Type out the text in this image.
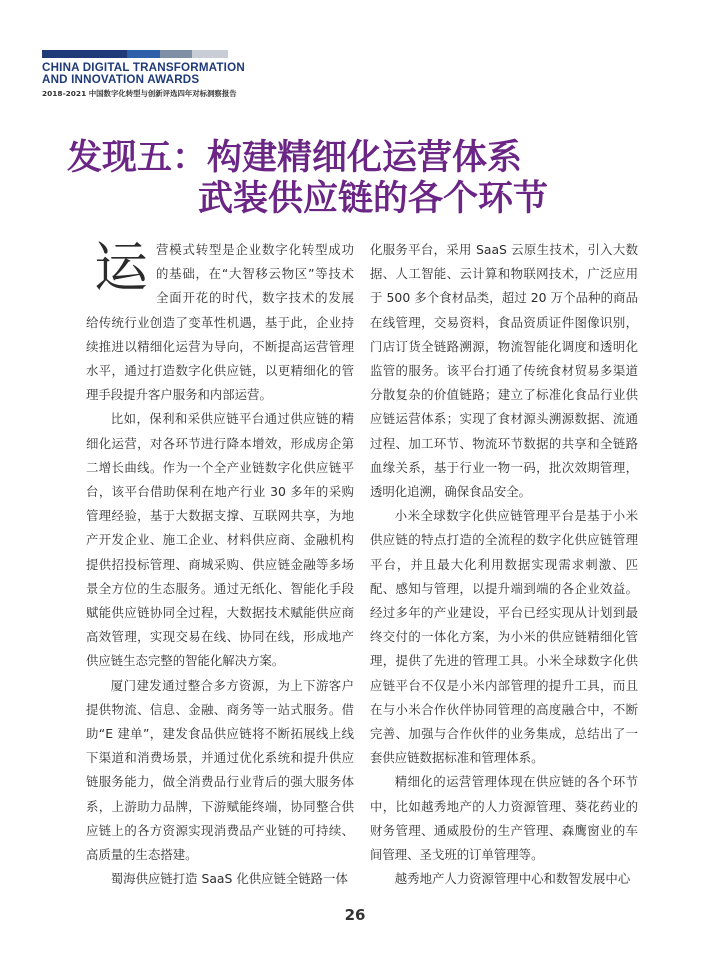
CHINA DIGITAL TRANSFORMATION
AND INNOVATION AWARDS
2018-2021 中国数字化转型与创新评选四年对标洞察报告
发现五：构建精细化运营体系
武装供应链的各个环节

运营模式转型是企业数字化转型成功的基础，在“大智移云物区”等技术全面开花的时代，数字技术的发展给传统行业创造了变革性机遇，基于此，企业持续推进以精细化运营为导向，不断提高运营管理水平，通过打造数字化供应链，以更精细化的管理手段提升客户服务和内部运营。

比如，保利和采供应链平台通过供应链的精细化运营，对各环节进行降本增效，形成房企第二增长曲线。作为一个全产业链数字化供应链平台，该平台借助保利在地产行业 30 多年的采购管理经验，基于大数据支撑、互联网共享，为地产开发企业、施工企业、材料供应商、金融机构提供招投标管理、商城采购、供应链金融等多场景全方位的生态服务。通过无纸化、智能化手段赋能供应链协同全过程，大数据技术赋能供应商高效管理，实现交易在线、协同在线，形成地产供应链生态完整的智能化解决方案。

厦门建发通过整合多方资源，为上下游客户提供物流、信息、金融、商务等一站式服务。借助“E 建单”，建发食品供应链将不断拓展线上线下渠道和消费场景，并通过优化系统和提升供应链服务能力，做全消费品行业背后的强大服务体系，上游助力品牌，下游赋能终端，协同整合供应链上的各方资源实现消费品产业链的可持续、高质量的生态搭建。

蜀海供应链打造 SaaS 化供应链全链路一体

化服务平台，采用 SaaS 云原生技术，引入大数据、人工智能、云计算和物联网技术，广泛应用于 500 多个食材品类，超过 20 万个品种的商品在线管理，交易资料，食品资质证件图像识别，门店订货全链路溯源，物流智能化调度和透明化监管的服务。该平台打通了传统食材贸易多渠道分散复杂的价值链路；建立了标准化食品行业供应链运营体系；实现了食材源头溯源数据、流通过程、加工环节、物流环节数据的共享和全链路血缘关系，基于行业一物一码，批次效期管理，透明化追溯，确保食品安全。

小米全球数字化供应链管理平台是基于小米供应链的特点打造的全流程的数字化供应链管理平台，并且最大化利用数据实现需求刺激、匹配、感知与管理，以提升端到端的各企业效益。经过多年的产业建设，平台已经实现从计划到最终交付的一体化方案，为小米的供应链精细化管理，提供了先进的管理工具。小米全球数字化供应链平台不仅是小米内部管理的提升工具，而且在与小米合作伙伴协同管理的高度融合中，不断完善、加强与合作伙伴的业务集成，总结出了一套供应链数据标准和管理体系。

精细化的运营管理体现在供应链的各个环节中，比如越秀地产的人力资源管理、葵花药业的财务管理、通威股份的生产管理、森鹰窗业的车间管理、圣戈班的订单管理等。

越秀地产人力资源管理中心和数智发展中心

26
